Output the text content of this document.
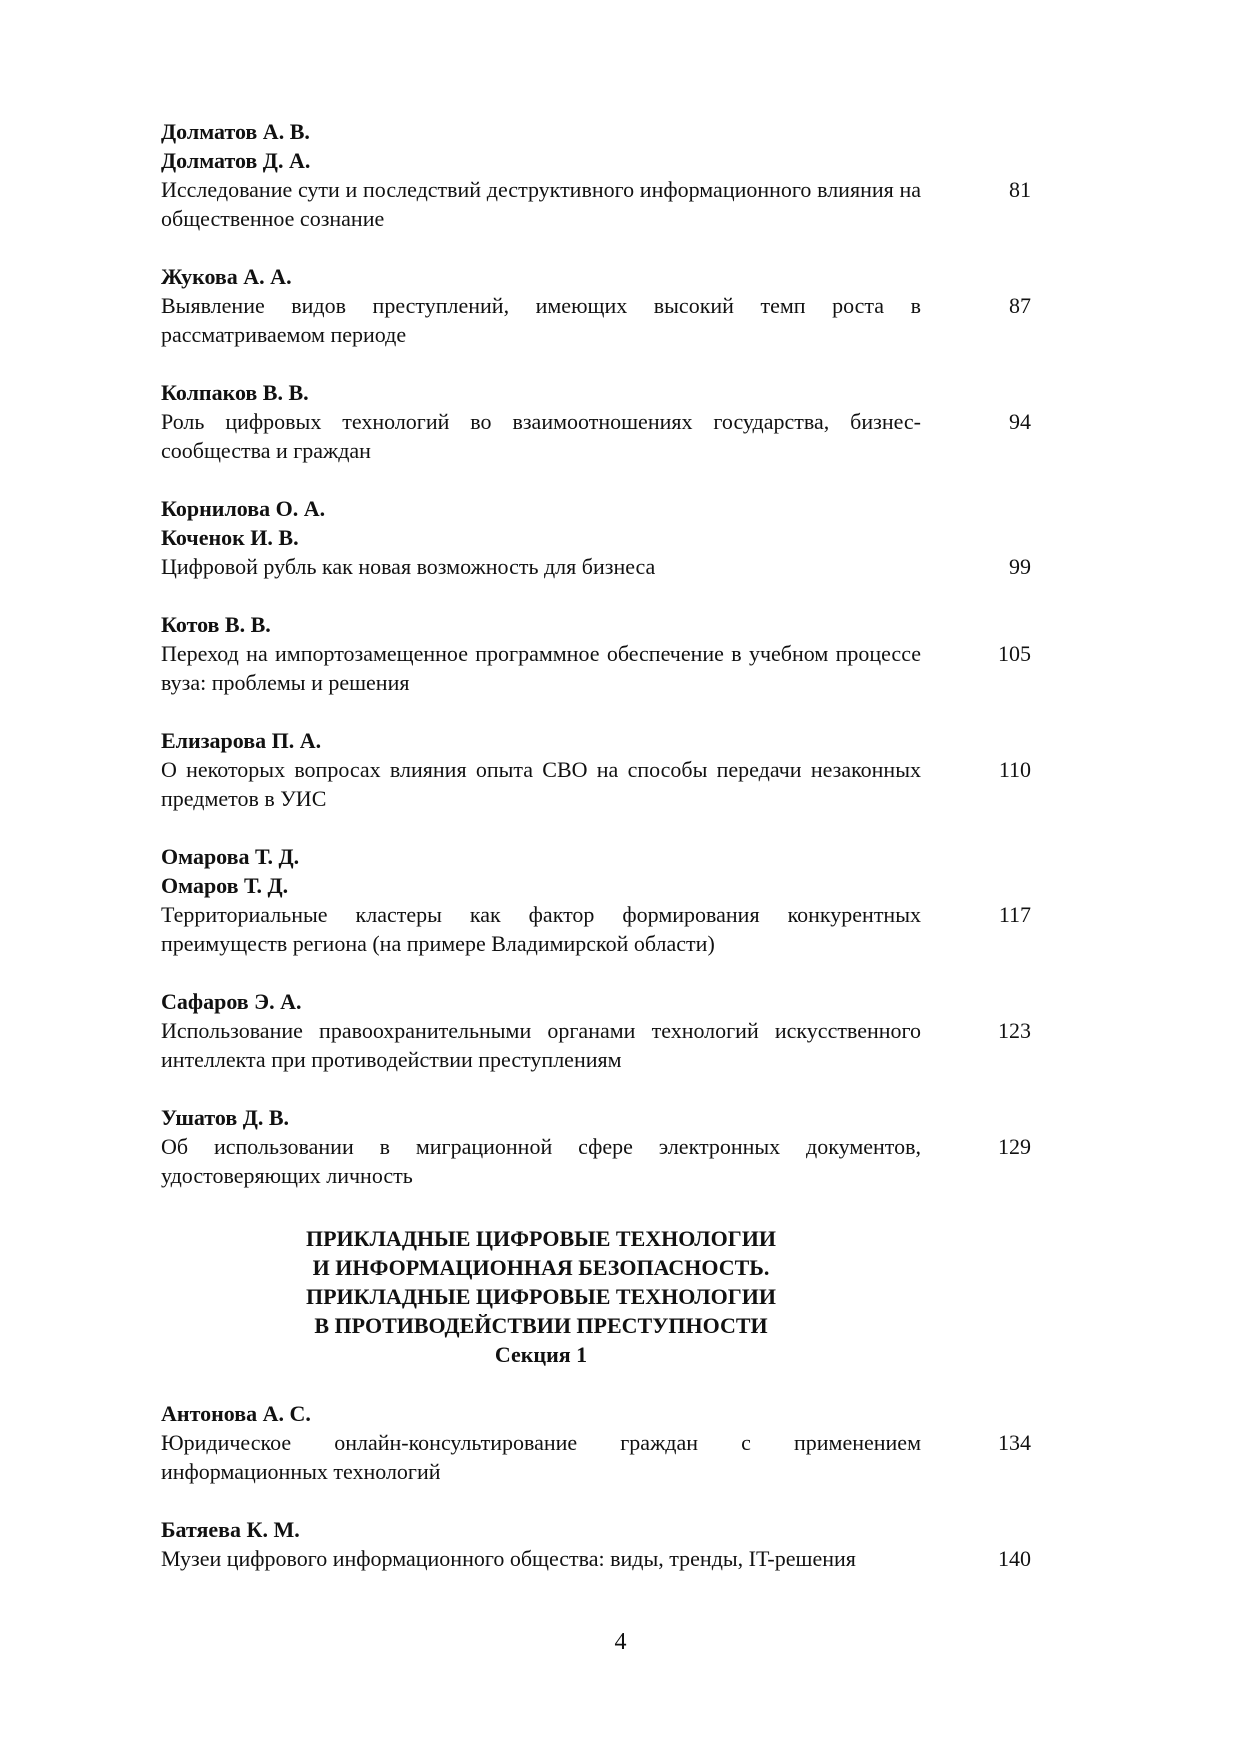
Долматов А. В.
Долматов Д. А.
Исследование сути и последствий деструктивного информационного влияния на общественное сознание
81
Жукова А. А.
Выявление видов преступлений, имеющих высокий темп роста в рассматриваемом периоде
87
Колпаков В. В.
Роль цифровых технологий во взаимоотношениях государства, бизнес-сообщества и граждан
94
Корнилова О. А.
Коченок И. В.
Цифровой рубль как новая возможность для бизнеса	99
Котов В. В.
Переход на импортозамещенное программное обеспечение в учебном процессе вуза: проблемы и решения
105
Елизарова П. А.
О некоторых вопросах влияния опыта СВО на способы передачи незаконных предметов в УИС
110
Омарова Т. Д.
Омаров Т. Д.
Территориальные кластеры как фактор формирования конкурентных преимуществ региона (на примере Владимирской области)
117
Сафаров Э. А.
Использование правоохранительными органами технологий искусственного интеллекта при противодействии преступлениям
123
Ушатов Д. В.
Об использовании в миграционной сфере электронных документов, удостоверяющих личность
129
ПРИКЛАДНЫЕ ЦИФРОВЫЕ ТЕХНОЛОГИИ
И ИНФОРМАЦИОННАЯ БЕЗОПАСНОСТЬ.
ПРИКЛАДНЫЕ ЦИФРОВЫЕ ТЕХНОЛОГИИ
В ПРОТИВОДЕЙСТВИИ ПРЕСТУПНОСТИ
Секция 1
Антонова А. С.
Юридическое онлайн-консультирование граждан с применением информационных технологий
134
Батяева К. М.
Музеи цифрового информационного общества: виды, тренды, IT-решения	140
4
